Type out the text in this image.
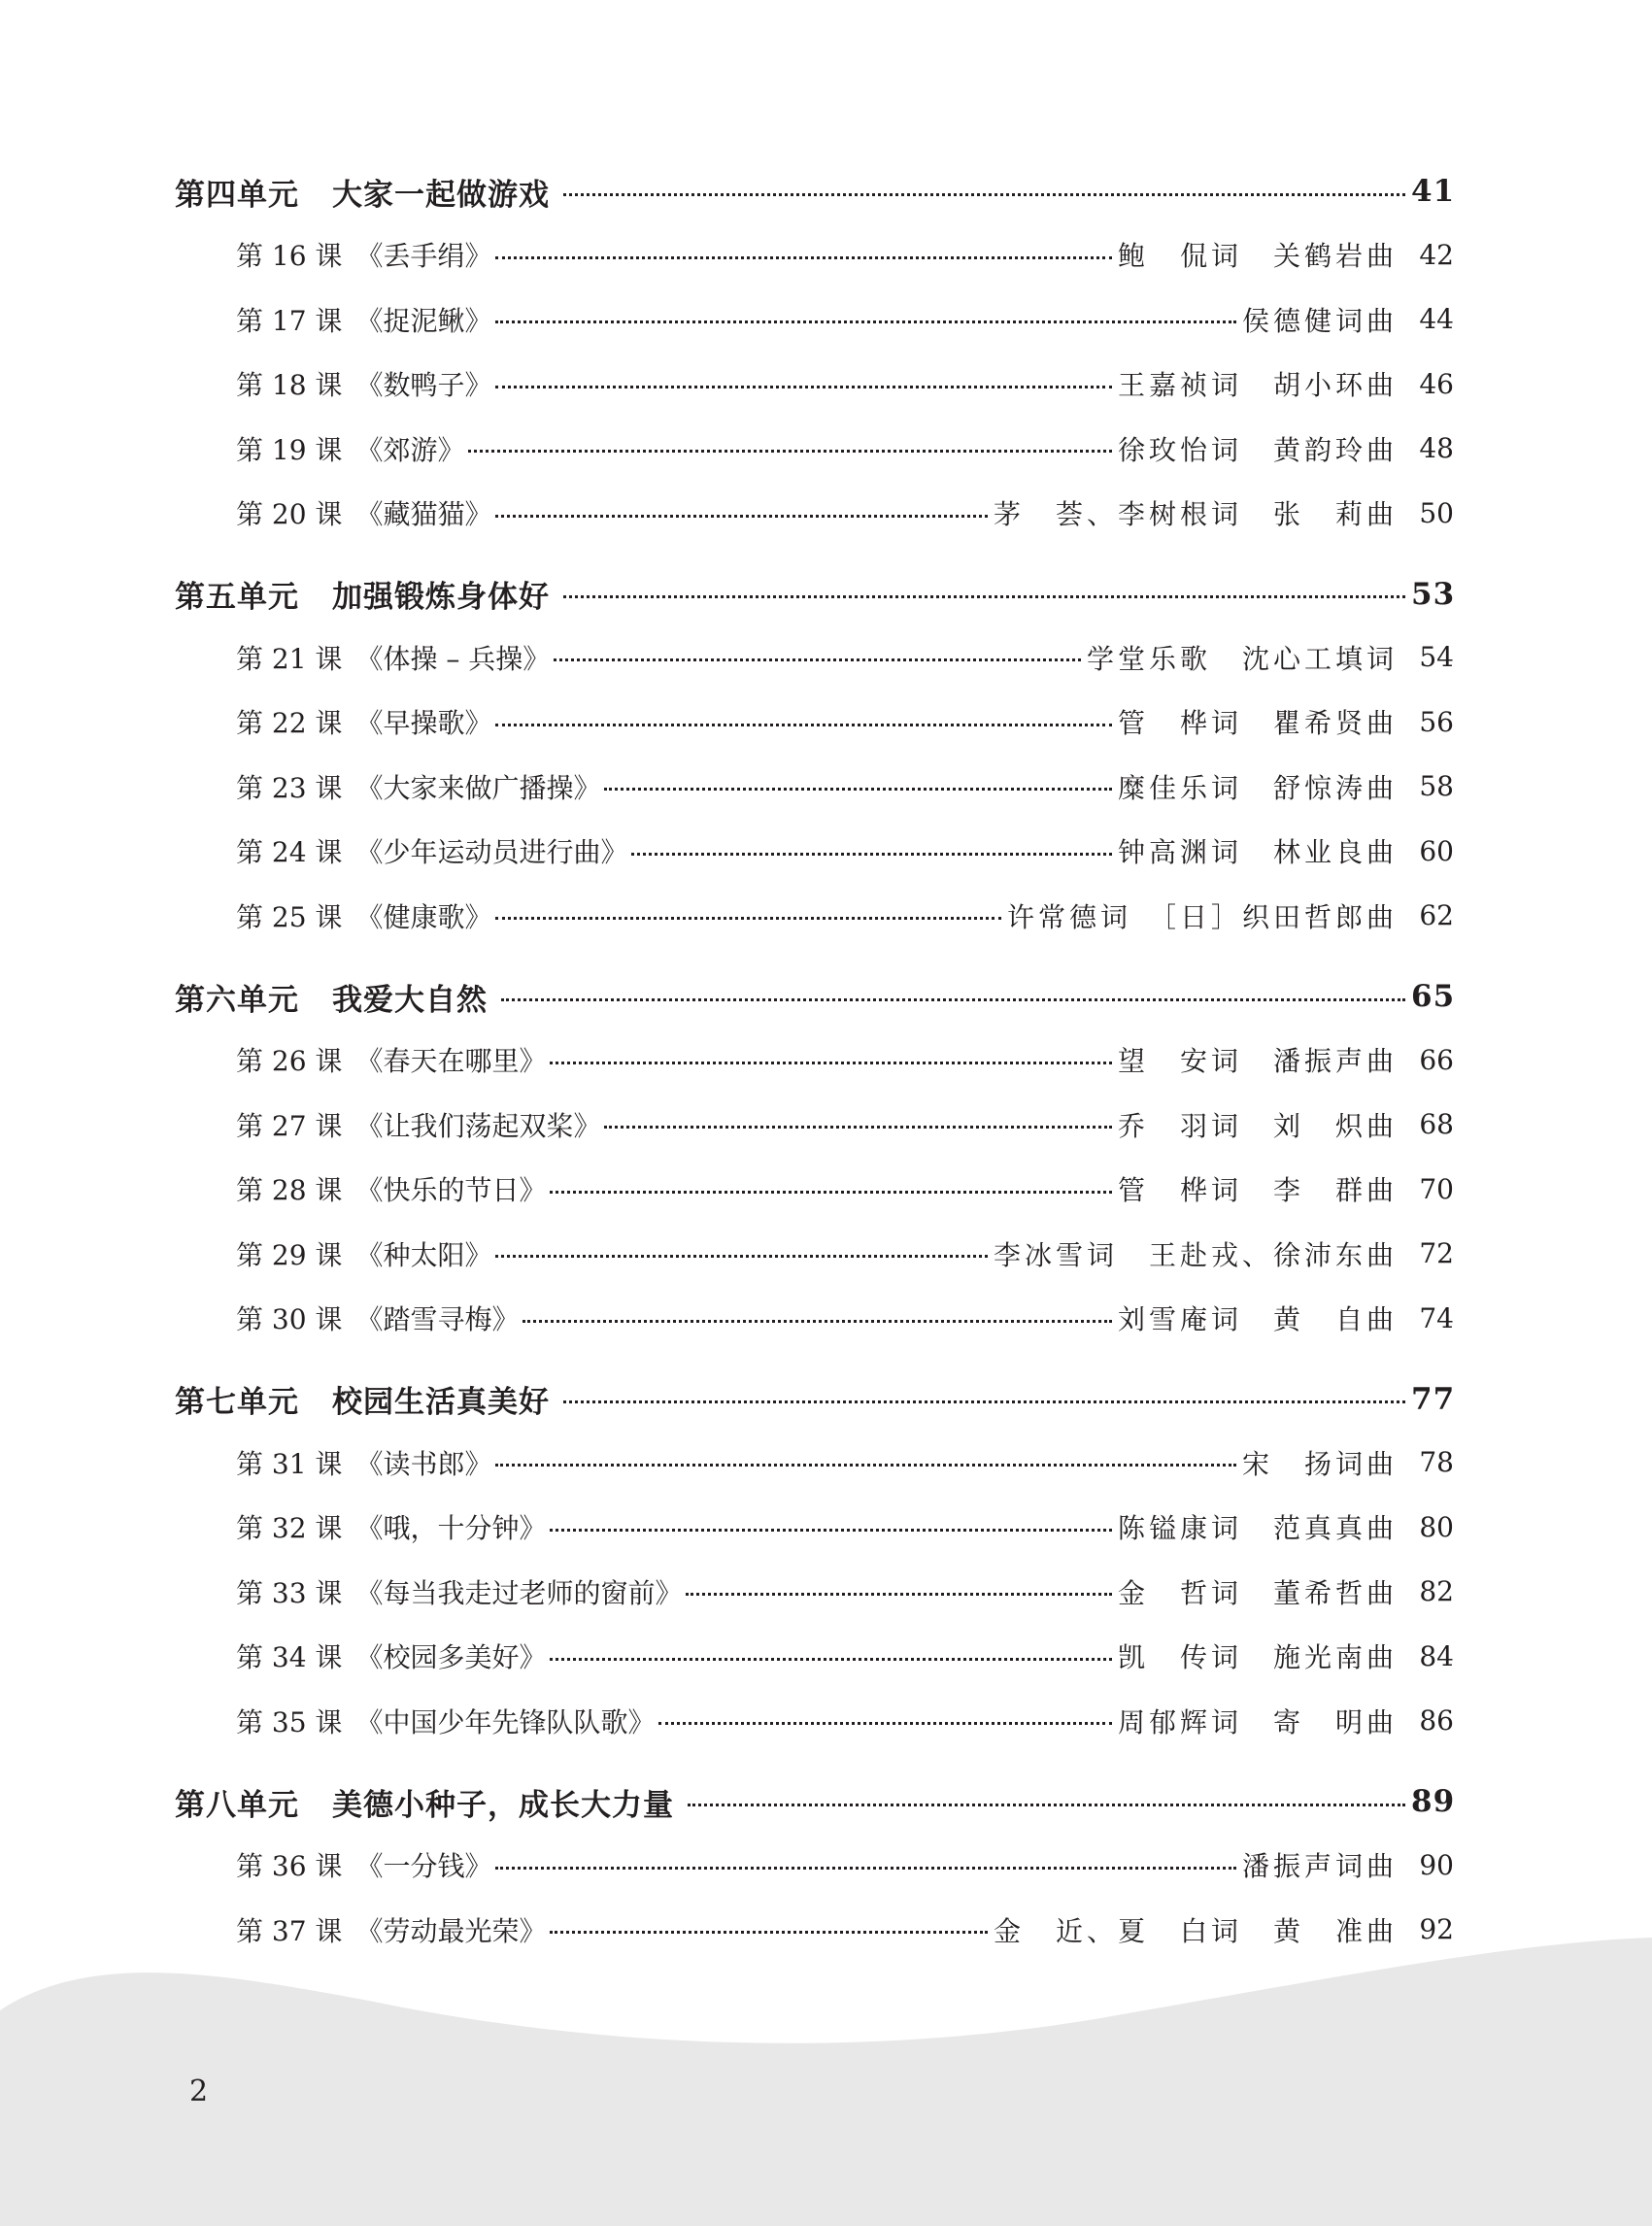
第四单元 大家一起做游戏	41
第 16 课 《丢手绢》	鲍　侃词　关鹤岩曲 42
第 17 课 《捉泥鳅》	侯德健词曲 44
第 18 课 《数鸭子》	王嘉祯词　胡小环曲 46
第 19 课 《郊游》	徐玫怡词　黄韵玲曲 48
第 20 课 《藏猫猫》	茅　荟、李树根词　张　莉曲 50
第五单元 加强锻炼身体好	53
第 21 课 《体操 – 兵操》	学堂乐歌　沈心工填词 54
第 22 课 《早操歌》	管　桦词　瞿希贤曲 56
第 23 课 《大家来做广播操》	糜佳乐词　舒惊涛曲 58
第 24 课 《少年运动员进行曲》	钟高渊词　林业良曲 60
第 25 课 《健康歌》	许常德词　［日］织田哲郎曲 62
第六单元 我爱大自然	65
第 26 课 《春天在哪里》	望　安词　潘振声曲 66
第 27 课 《让我们荡起双桨》	乔　羽词　刘　炽曲 68
第 28 课 《快乐的节日》	管　桦词　李　群曲 70
第 29 课 《种太阳》	李冰雪词　王赴戎、徐沛东曲 72
第 30 课 《踏雪寻梅》	刘雪庵词　黄　自曲 74
第七单元 校园生活真美好	77
第 31 课 《读书郎》	宋　扬词曲 78
第 32 课 《哦，十分钟》	陈镒康词　范真真曲 80
第 33 课 《每当我走过老师的窗前》	金　哲词　董希哲曲 82
第 34 课 《校园多美好》	凯　传词　施光南曲 84
第 35 课 《中国少年先锋队队歌》	周郁辉词　寄　明曲 86
第八单元 美德小种子，成长大力量	89
第 36 课 《一分钱》	潘振声词曲 90
第 37 课 《劳动最光荣》	金　近、夏　白词　黄　准曲 92
2
